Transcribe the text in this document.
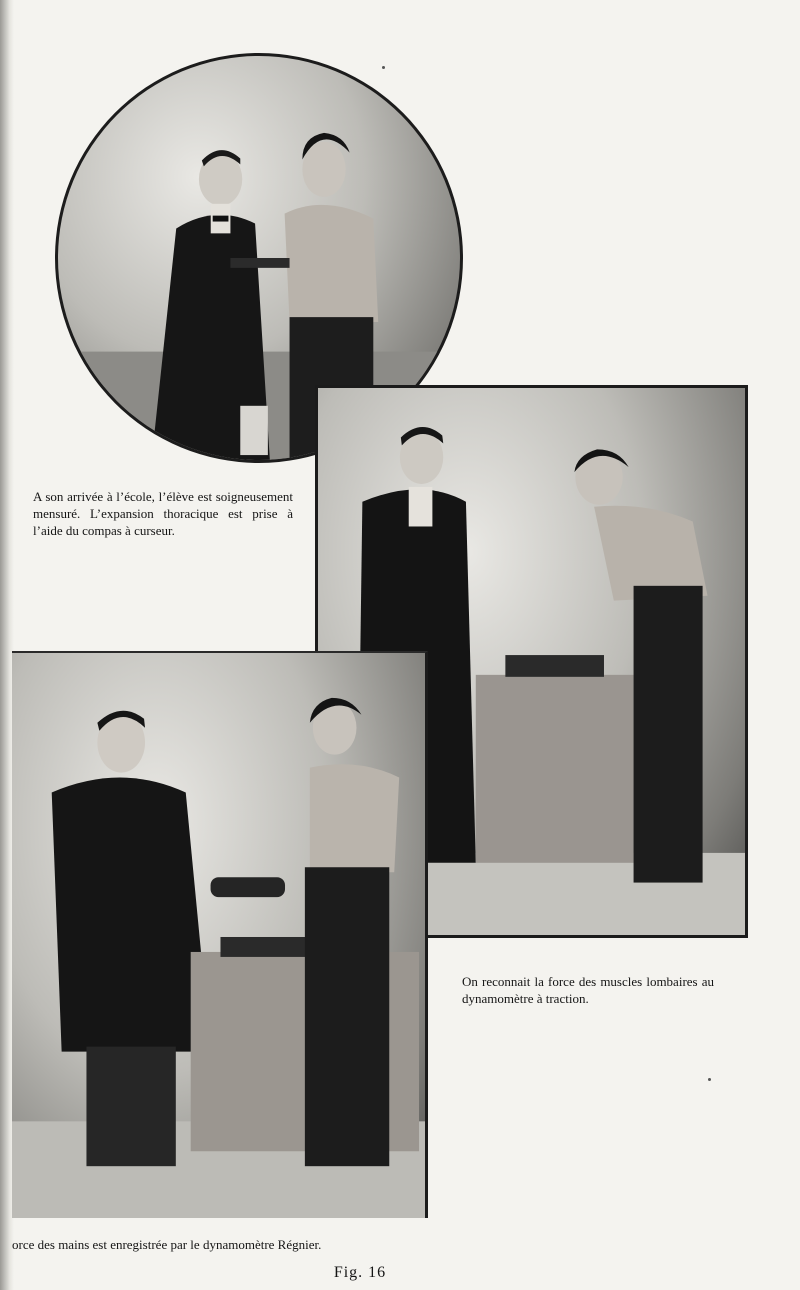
A son arrivée à l’école, l’élève est soigneusement mensuré. L’expansion thoracique est prise à l’aide du compas à curseur.
On reconnait la force des muscles lombaires au dynamomètre à traction.
orce des mains est enregistrée par le dynamomètre Régnier.
Fig. 16
